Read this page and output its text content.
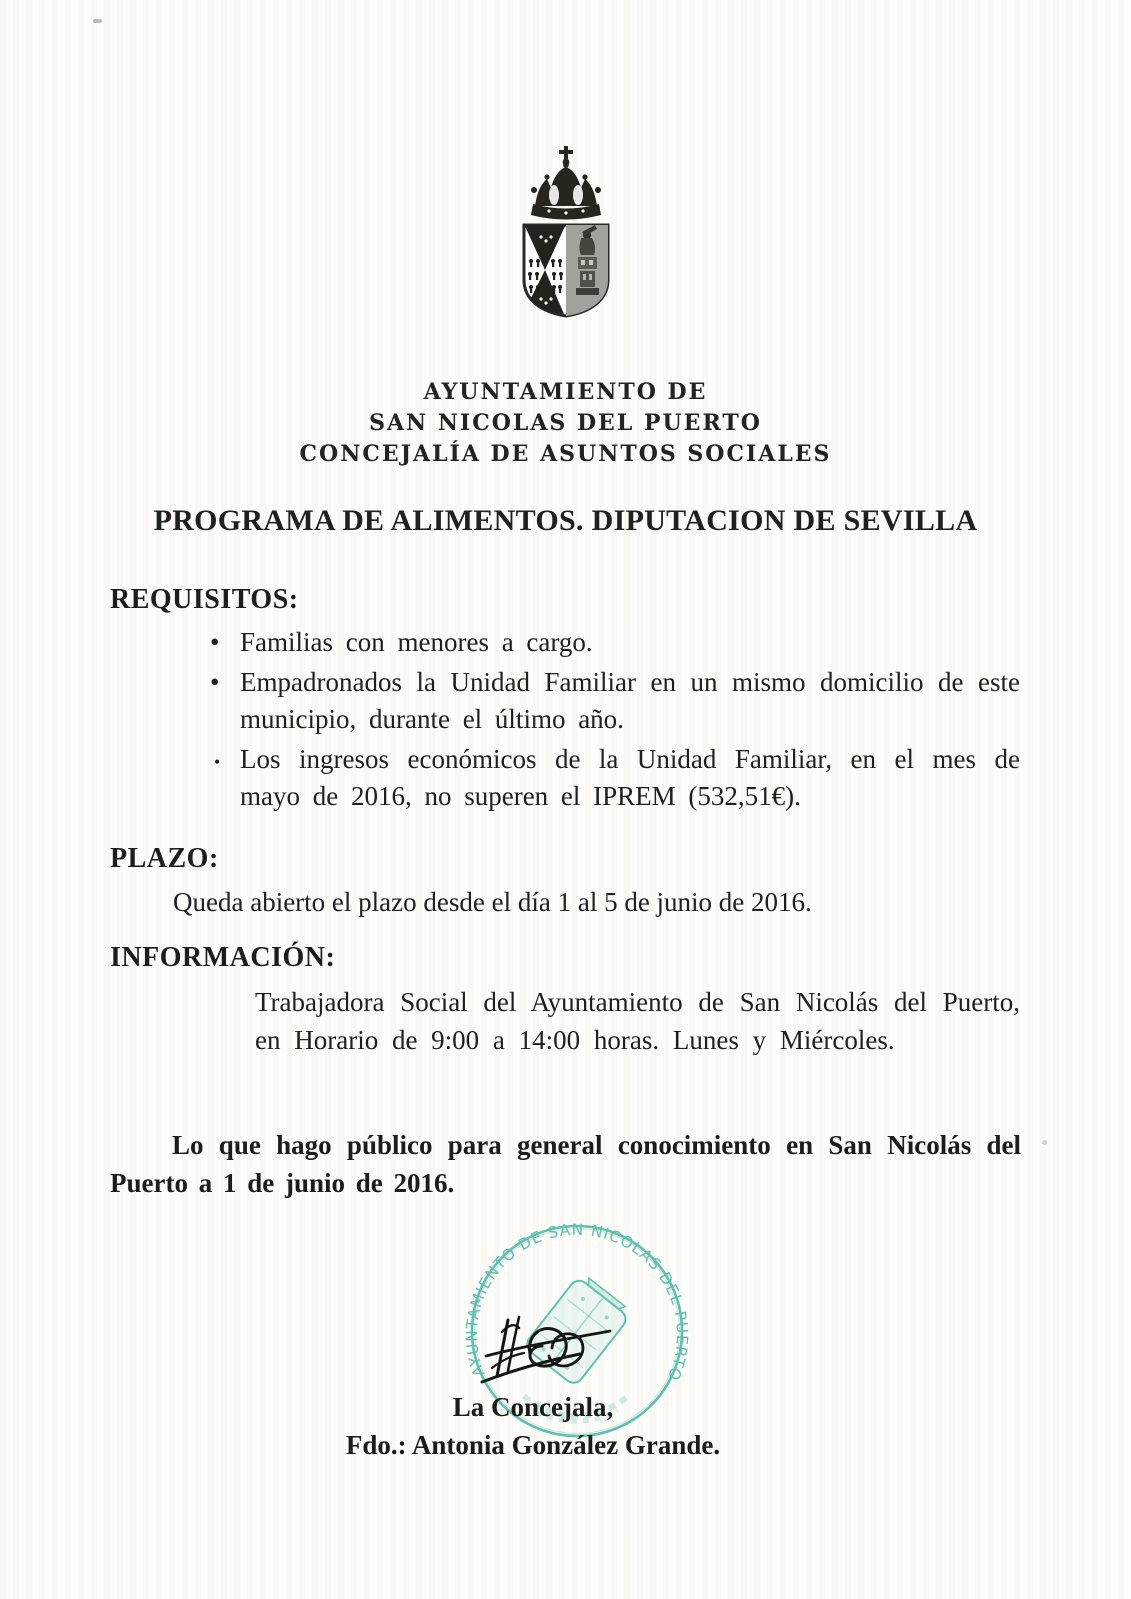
AYUNTAMIENTO DE
SAN NICOLAS DEL PUERTO
CONCEJALÍA DE ASUNTOS SOCIALES
PROGRAMA DE ALIMENTOS. DIPUTACION DE SEVILLA
REQUISITOS:
• Familias con menores a cargo.
• Empadronados la Unidad Familiar en un mismo domicilio de este municipio, durante el último año.
• Los ingresos económicos de la Unidad Familiar, en el mes de mayo de 2016, no superen el IPREM (532,51€).
PLAZO:
Queda abierto el plazo desde el día 1 al 5 de junio de 2016.
INFORMACIÓN:
Trabajadora Social del Ayuntamiento de San Nicolás del Puerto, en Horario de 9:00 a 14:00 horas. Lunes y Miércoles.
Lo que hago público para general conocimiento en San Nicolás del Puerto a 1 de junio de 2016.
AYUNTAMIENTO DE SAN NICOLAS DEL PUERTO
La Concejala,
Fdo.: Antonia González Grande.
